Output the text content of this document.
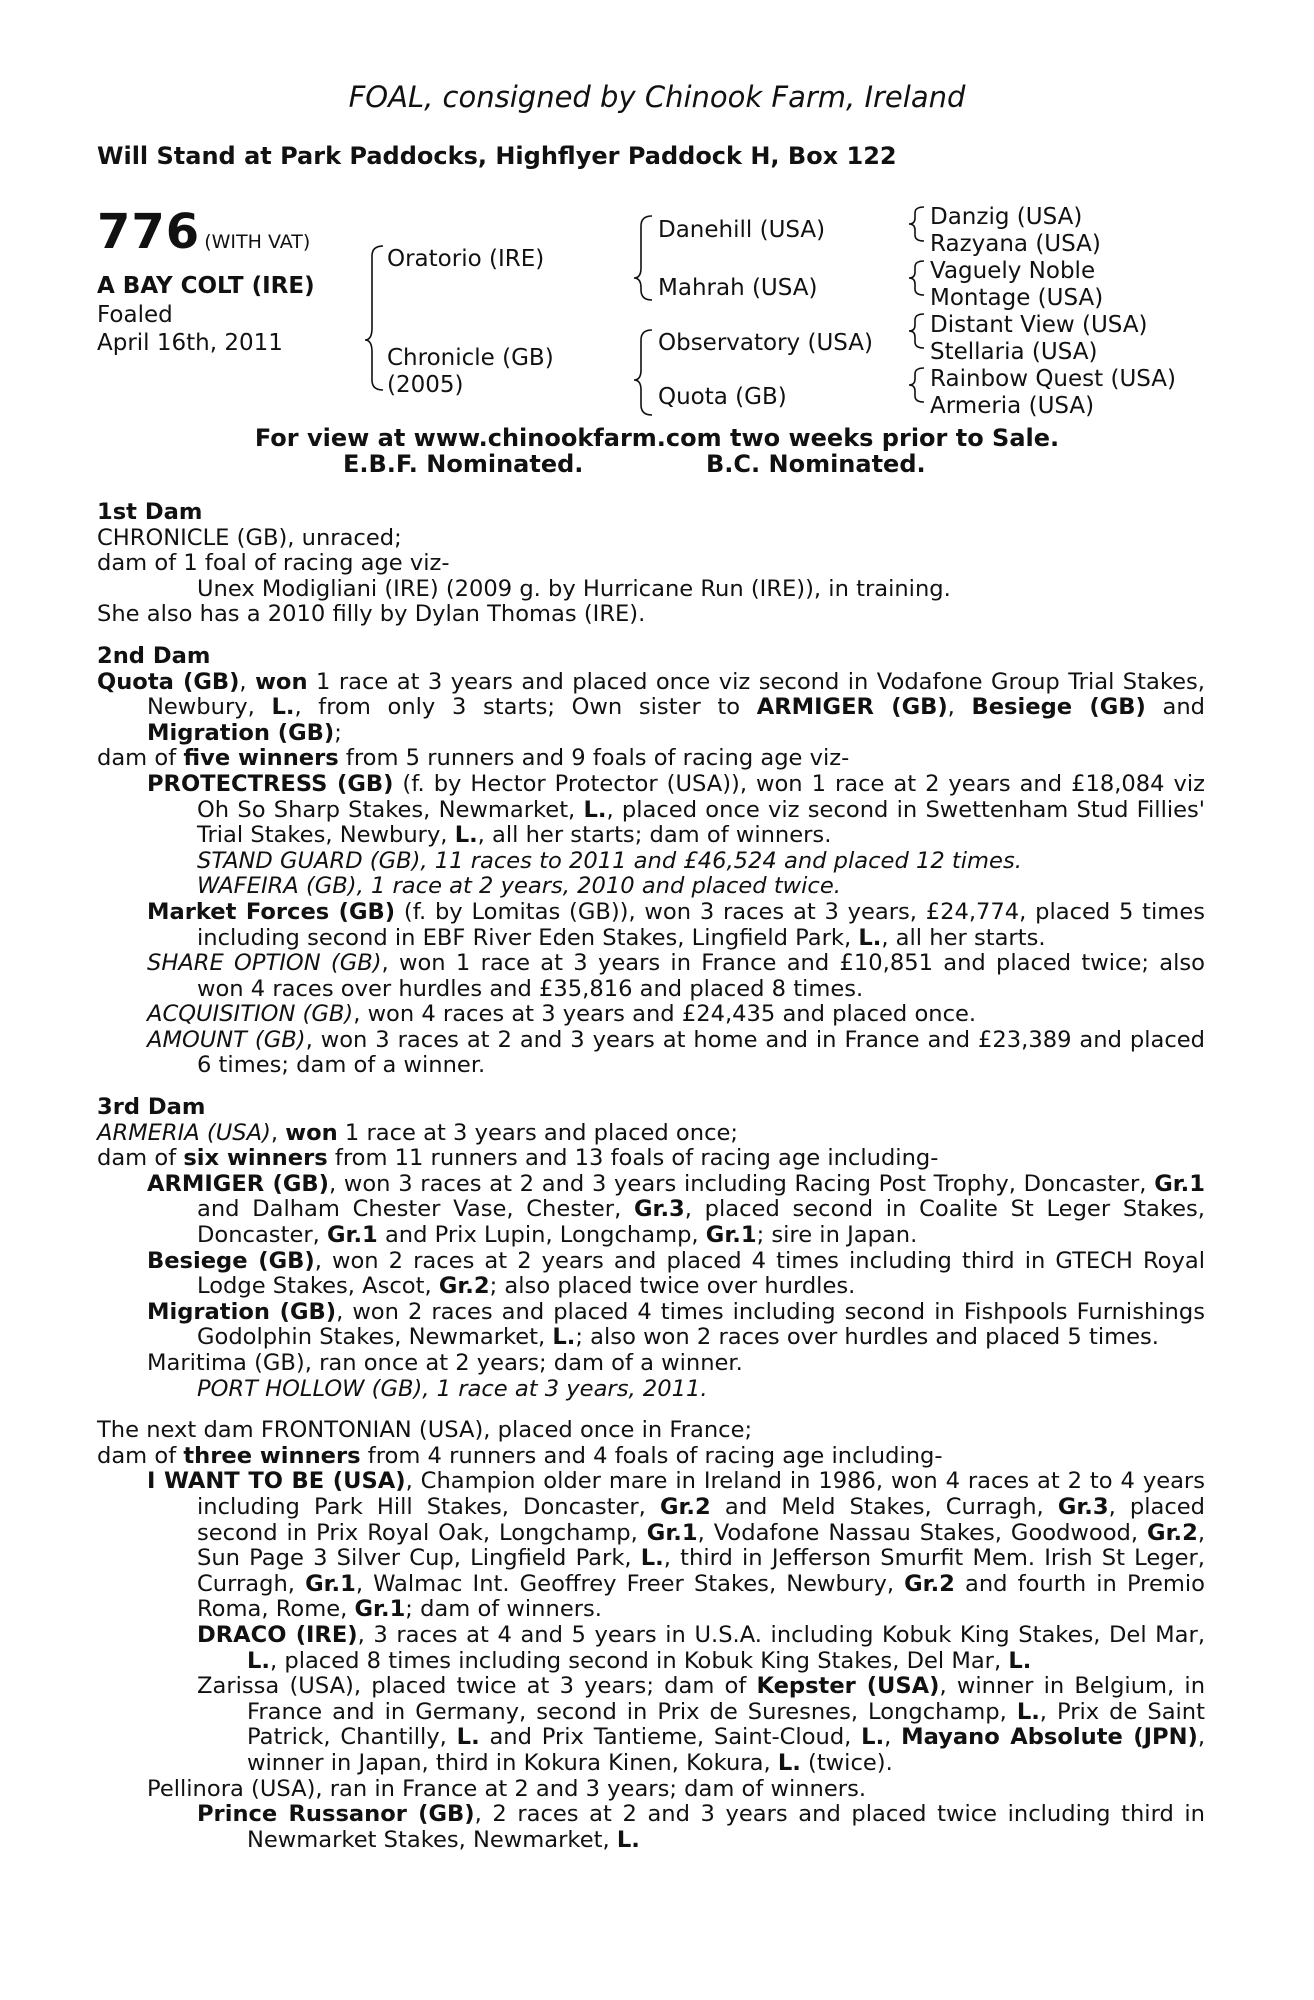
FOAL, consigned by Chinook Farm, Ireland
Will Stand at Park Paddocks, Highflyer Paddock H, Box 122
776 (WITH VAT)
A BAY COLT (IRE)
Foaled
April 16th, 2011
Oratorio (IRE)
Chronicle (GB)
(2005)
Danehill (USA)
Mahrah (USA)
Observatory (USA)
Quota (GB)
Danzig (USA)
Razyana (USA)
Vaguely Noble
Montage (USA)
Distant View (USA)
Stellaria (USA)
Rainbow Quest (USA)
Armeria (USA)
For view at www.chinookfarm.com two weeks prior to Sale.
E.B.F. Nominated.	B.C. Nominated.
1st Dam
CHRONICLE (GB), unraced;
dam of 1 foal of racing age viz-
Unex Modigliani (IRE) (2009 g. by Hurricane Run (IRE)), in training.
She also has a 2010 filly by Dylan Thomas (IRE).
2nd Dam
Quota (GB), won 1 race at 3 years and placed once viz second in Vodafone Group Trial Stakes, Newbury, L., from only 3 starts; Own sister to ARMIGER (GB), Besiege (GB) and Migration (GB);
dam of five winners from 5 runners and 9 foals of racing age viz-
PROTECTRESS (GB) (f. by Hector Protector (USA)), won 1 race at 2 years and £18,084 viz Oh So Sharp Stakes, Newmarket, L., placed once viz second in Swettenham Stud Fillies' Trial Stakes, Newbury, L., all her starts; dam of winners.
STAND GUARD (GB), 11 races to 2011 and £46,524 and placed 12 times.
WAFEIRA (GB), 1 race at 2 years, 2010 and placed twice.
Market Forces (GB) (f. by Lomitas (GB)), won 3 races at 3 years, £24,774, placed 5 times including second in EBF River Eden Stakes, Lingfield Park, L., all her starts.
SHARE OPTION (GB), won 1 race at 3 years in France and £10,851 and placed twice; also won 4 races over hurdles and £35,816 and placed 8 times.
ACQUISITION (GB), won 4 races at 3 years and £24,435 and placed once.
AMOUNT (GB), won 3 races at 2 and 3 years at home and in France and £23,389 and placed 6 times; dam of a winner.
3rd Dam
ARMERIA (USA), won 1 race at 3 years and placed once;
dam of six winners from 11 runners and 13 foals of racing age including-
ARMIGER (GB), won 3 races at 2 and 3 years including Racing Post Trophy, Doncaster, Gr.1 and Dalham Chester Vase, Chester, Gr.3, placed second in Coalite St Leger Stakes, Doncaster, Gr.1 and Prix Lupin, Longchamp, Gr.1; sire in Japan.
Besiege (GB), won 2 races at 2 years and placed 4 times including third in GTECH Royal Lodge Stakes, Ascot, Gr.2; also placed twice over hurdles.
Migration (GB), won 2 races and placed 4 times including second in Fishpools Furnishings Godolphin Stakes, Newmarket, L.; also won 2 races over hurdles and placed 5 times.
Maritima (GB), ran once at 2 years; dam of a winner.
PORT HOLLOW (GB), 1 race at 3 years, 2011.
The next dam FRONTONIAN (USA), placed once in France;
dam of three winners from 4 runners and 4 foals of racing age including-
I WANT TO BE (USA), Champion older mare in Ireland in 1986, won 4 races at 2 to 4 years including Park Hill Stakes, Doncaster, Gr.2 and Meld Stakes, Curragh, Gr.3, placed second in Prix Royal Oak, Longchamp, Gr.1, Vodafone Nassau Stakes, Goodwood, Gr.2, Sun Page 3 Silver Cup, Lingfield Park, L., third in Jefferson Smurfit Mem. Irish St Leger, Curragh, Gr.1, Walmac Int. Geoffrey Freer Stakes, Newbury, Gr.2 and fourth in Premio Roma, Rome, Gr.1; dam of winners.
DRACO (IRE), 3 races at 4 and 5 years in U.S.A. including Kobuk King Stakes, Del Mar, L., placed 8 times including second in Kobuk King Stakes, Del Mar, L.
Zarissa (USA), placed twice at 3 years; dam of Kepster (USA), winner in Belgium, in France and in Germany, second in Prix de Suresnes, Longchamp, L., Prix de Saint Patrick, Chantilly, L. and Prix Tantieme, Saint-Cloud, L., Mayano Absolute (JPN), winner in Japan, third in Kokura Kinen, Kokura, L. (twice).
Pellinora (USA), ran in France at 2 and 3 years; dam of winners.
Prince Russanor (GB), 2 races at 2 and 3 years and placed twice including third in Newmarket Stakes, Newmarket, L.
